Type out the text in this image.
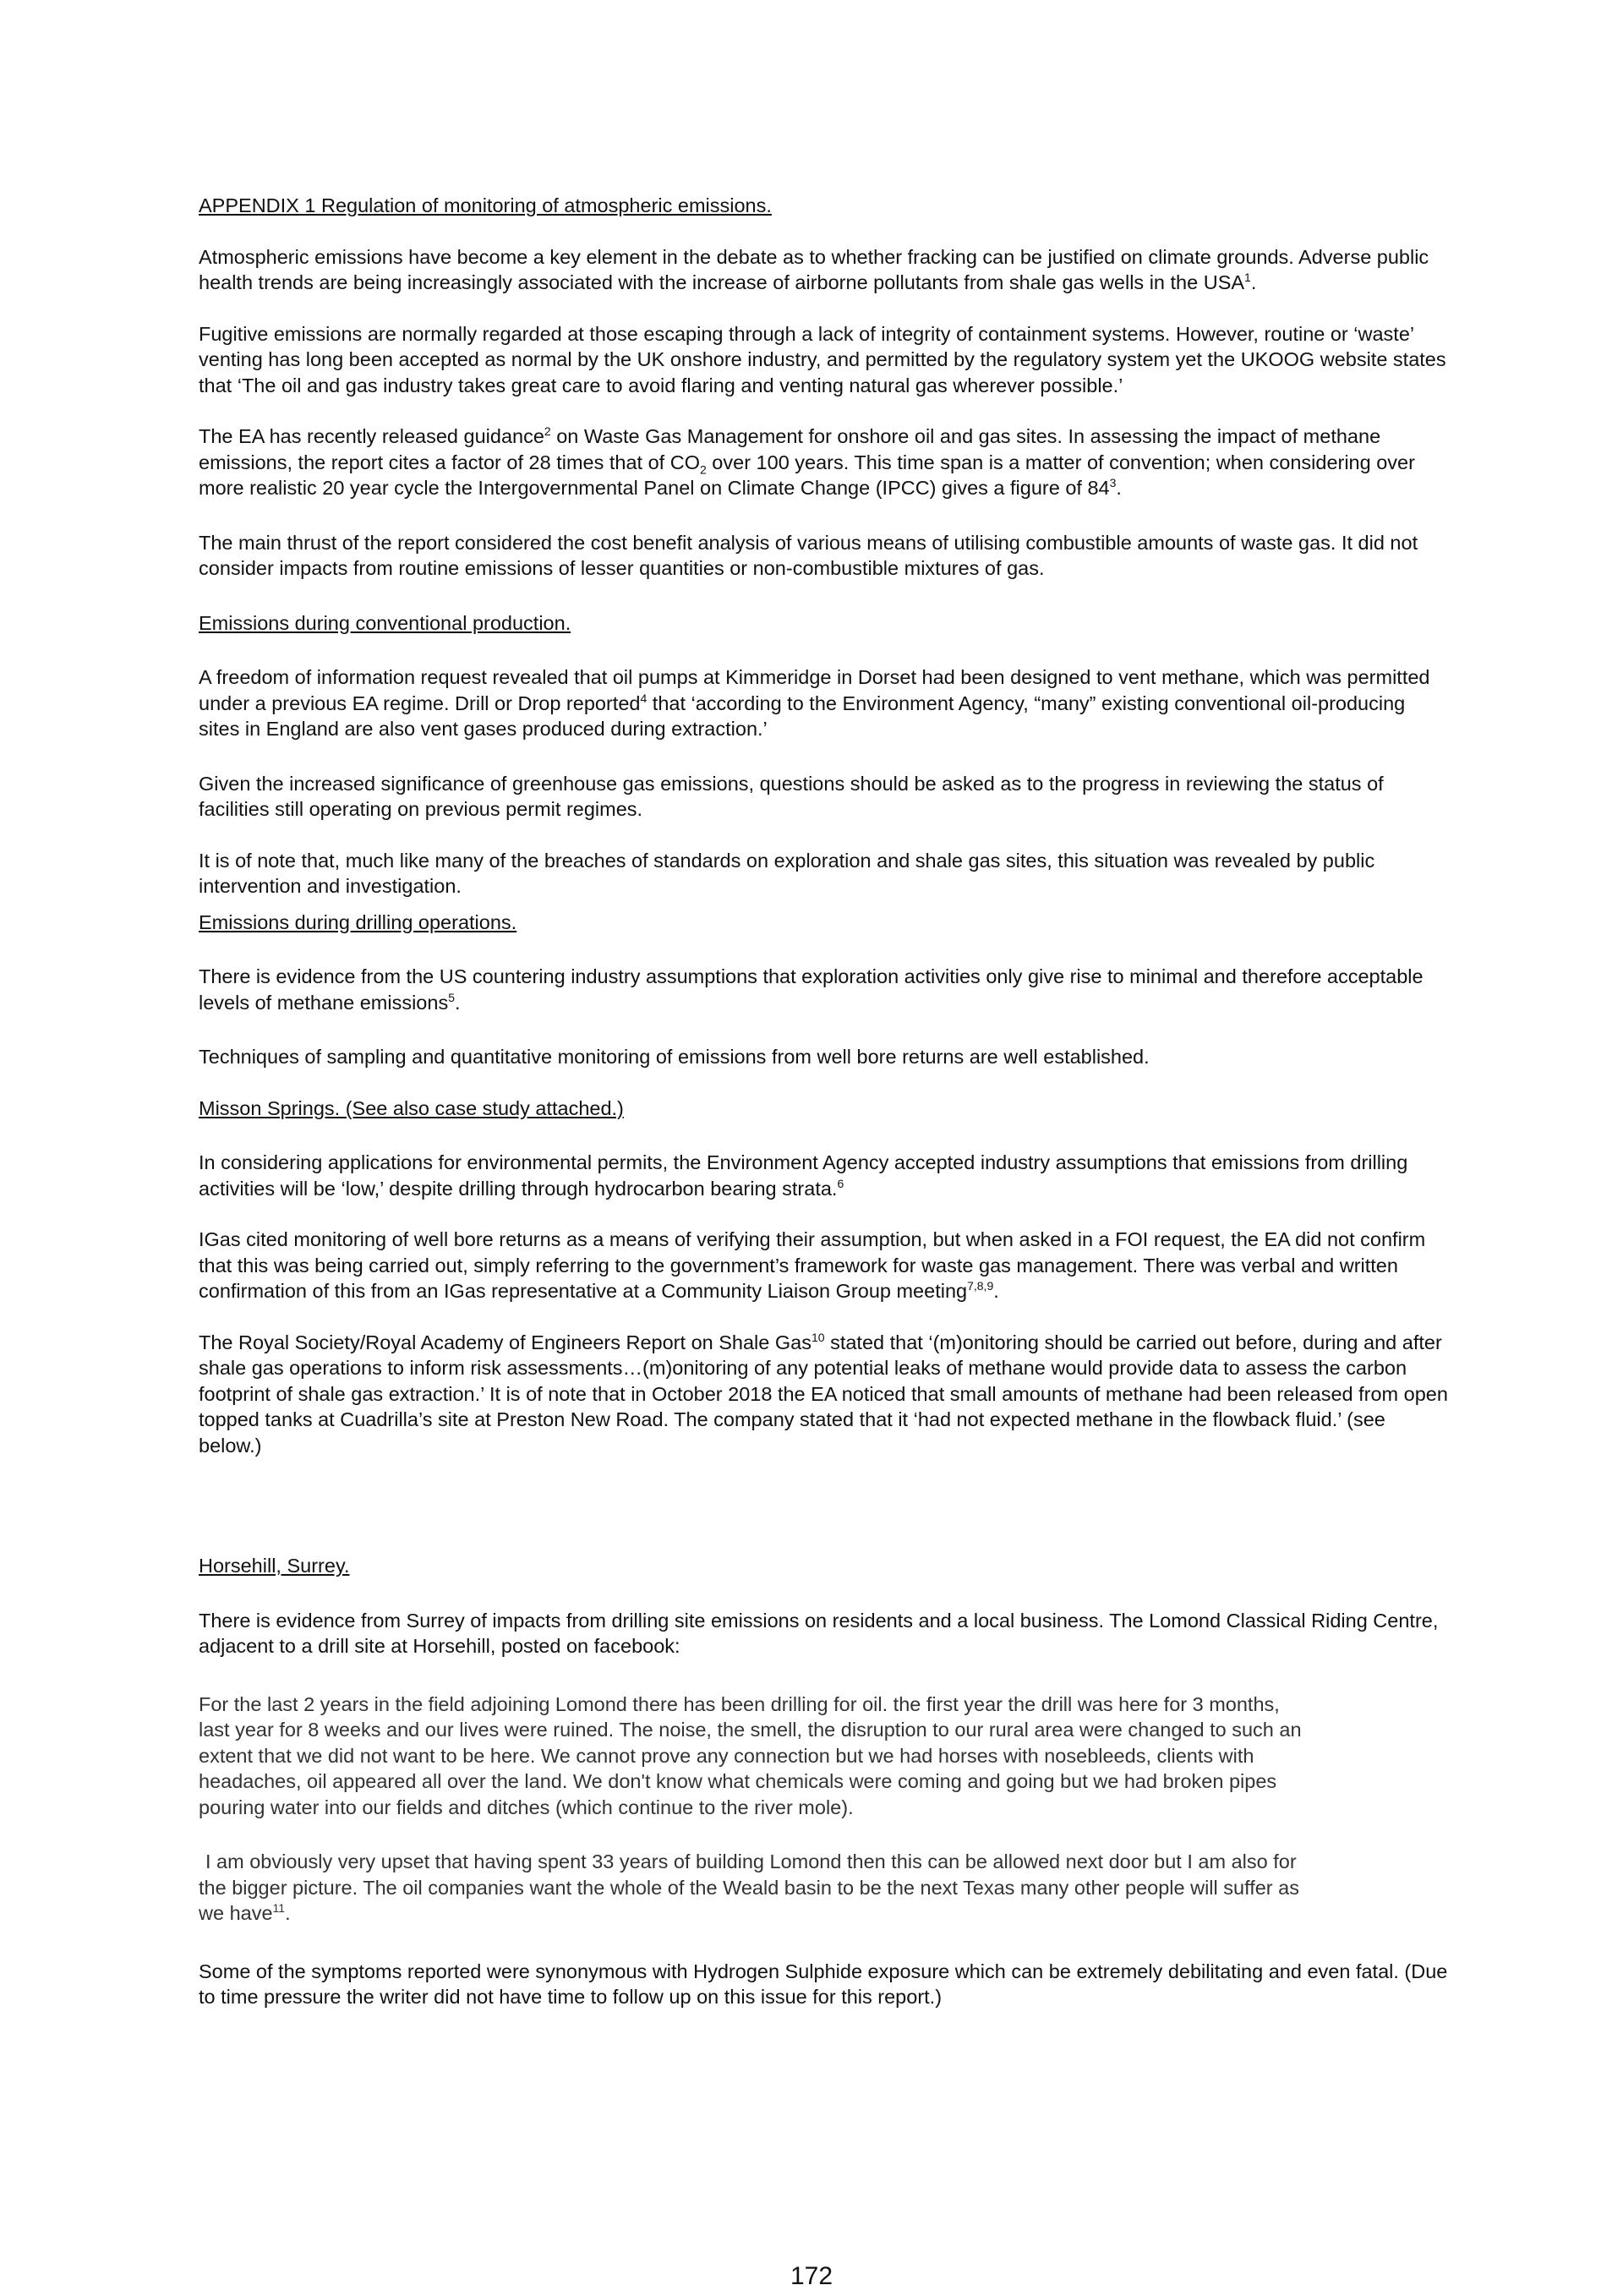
APPENDIX 1 Regulation of monitoring of atmospheric emissions.

Atmospheric emissions have become a key element in the debate as to whether fracking can be justified on climate grounds. Adverse public health trends are being increasingly associated with the increase of airborne pollutants from shale gas wells in the USA$^1$.

Fugitive emissions are normally regarded at those escaping through a lack of integrity of containment systems. However, routine or ‘waste’ venting has long been accepted as normal by the UK onshore industry, and permitted by the regulatory system yet the UKOOG website states that ‘The oil and gas industry takes great care to avoid flaring and venting natural gas wherever possible.’

The EA has recently released guidance$^2$ on Waste Gas Management for onshore oil and gas sites. In assessing the impact of methane emissions, the report cites a factor of 28 times that of $CO_2$ over 100 years. This time span is a matter of convention; when considering over more realistic 20 year cycle the Intergovernmental Panel on Climate Change (IPCC) gives a figure of $84^3$.

The main thrust of the report considered the cost benefit analysis of various means of utilising combustible amounts of waste gas. It did not consider impacts from routine emissions of lesser quantities or non-combustible mixtures of gas.

Emissions during conventional production.

A freedom of information request revealed that oil pumps at Kimmeridge in Dorset had been designed to vent methane, which was permitted under a previous EA regime. Drill or Drop reported$^4$ that ‘according to the Environment Agency, “many” existing conventional oil-producing sites in England are also vent gases produced during extraction.’

Given the increased significance of greenhouse gas emissions, questions should be asked as to the progress in reviewing the status of facilities still operating on previous permit regimes.

It is of note that, much like many of the breaches of standards on exploration and shale gas sites, this situation was revealed by public intervention and investigation.

Emissions during drilling operations.

There is evidence from the US countering industry assumptions that exploration activities only give rise to minimal and therefore acceptable levels of methane emissions$^5$.

Techniques of sampling and quantitative monitoring of emissions from well bore returns are well established.

Misson Springs. (See also case study attached.)

In considering applications for environmental permits, the Environment Agency accepted industry assumptions that emissions from drilling activities will be ‘low,’ despite drilling through hydrocarbon bearing strata.$^6$

IGas cited monitoring of well bore returns as a means of verifying their assumption, but when asked in a FOI request, the EA did not confirm that this was being carried out, simply referring to the government’s framework for waste gas management. There was verbal and written confirmation of this from an IGas representative at a Community Liaison Group meeting$^{7,8,9}$.

The Royal Society/Royal Academy of Engineers Report on Shale Gas$^{10}$ stated that ‘(m)onitoring should be carried out before, during and after shale gas operations to inform risk assessments…(m)onitoring of any potential leaks of methane would provide data to assess the carbon footprint of shale gas extraction.’ It is of note that in October 2018 the EA noticed that small amounts of methane had been released from open topped tanks at Cuadrilla’s site at Preston New Road. The company stated that it ‘had not expected methane in the flowback fluid.’ (see below.)

Horsehill, Surrey.

There is evidence from Surrey of impacts from drilling site emissions on residents and a local business. The Lomond Classical Riding Centre, adjacent to a drill site at Horsehill, posted on facebook:

For the last 2 years in the field adjoining Lomond there has been drilling for oil. the first year the drill was here for 3 months, last year for 8 weeks and our lives were ruined. The noise, the smell, the disruption to our rural area were changed to such an extent that we did not want to be here. We cannot prove any connection but we had horses with nosebleeds, clients with headaches, oil appeared all over the land. We don't know what chemicals were coming and going but we had broken pipes pouring water into our fields and ditches (which continue to the river mole).

I am obviously very upset that having spent 33 years of building Lomond then this can be allowed next door but I am also for the bigger picture. The oil companies want the whole of the Weald basin to be the next Texas many other people will suffer as we have$^{11}$.

Some of the symptoms reported were synonymous with Hydrogen Sulphide exposure which can be extremely debilitating and even fatal. (Due to time pressure the writer did not have time to follow up on this issue for this report.)

172
